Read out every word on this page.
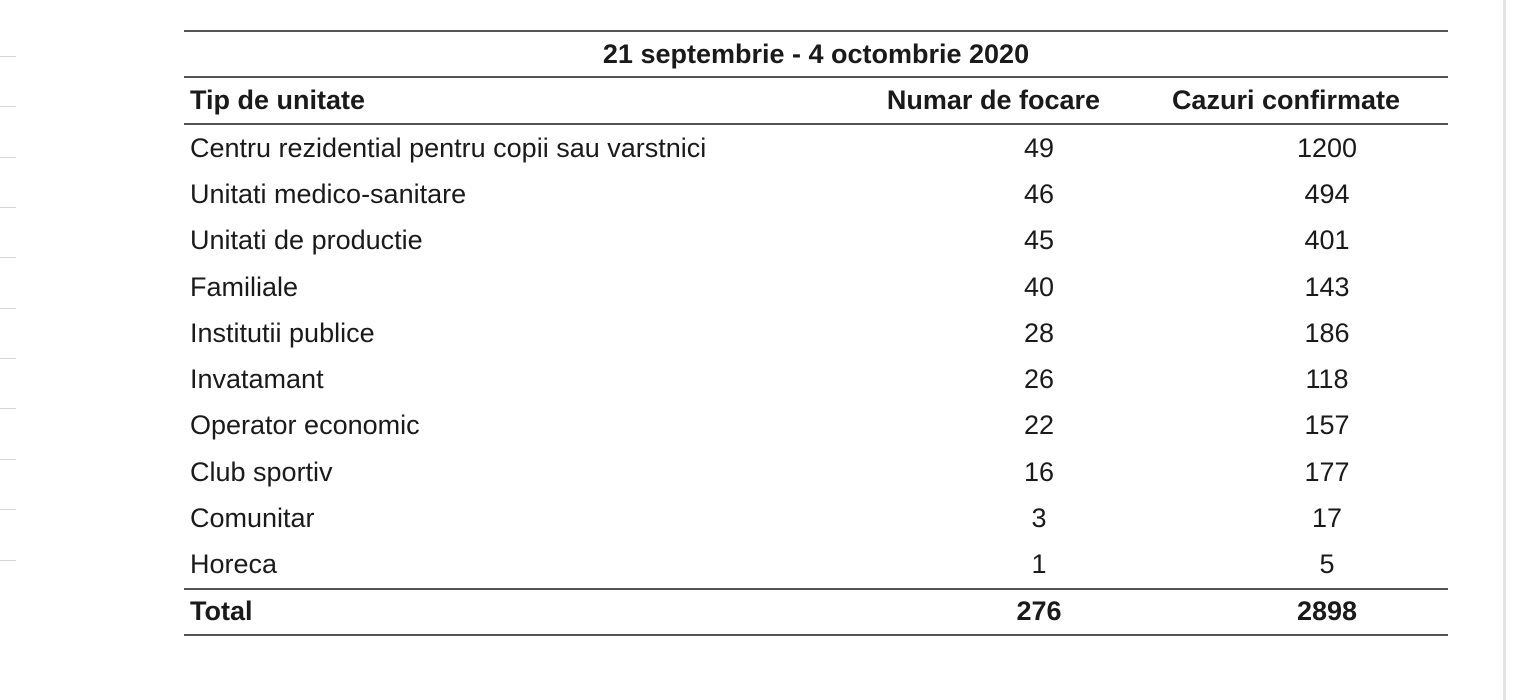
21 septembrie - 4 octombrie 2020		
Tip de unitate	Numar de focare	Cazuri confirmate
Centru rezidential pentru copii sau varstnici	49	1200
Unitati medico-sanitare	46	494
Unitati de productie	45	401
Familiale	40	143
Institutii publice	28	186
Invatamant	26	118
Operator economic	22	157
Club sportiv	16	177
Comunitar	3	17
Horeca	1	5
Total	276	2898
